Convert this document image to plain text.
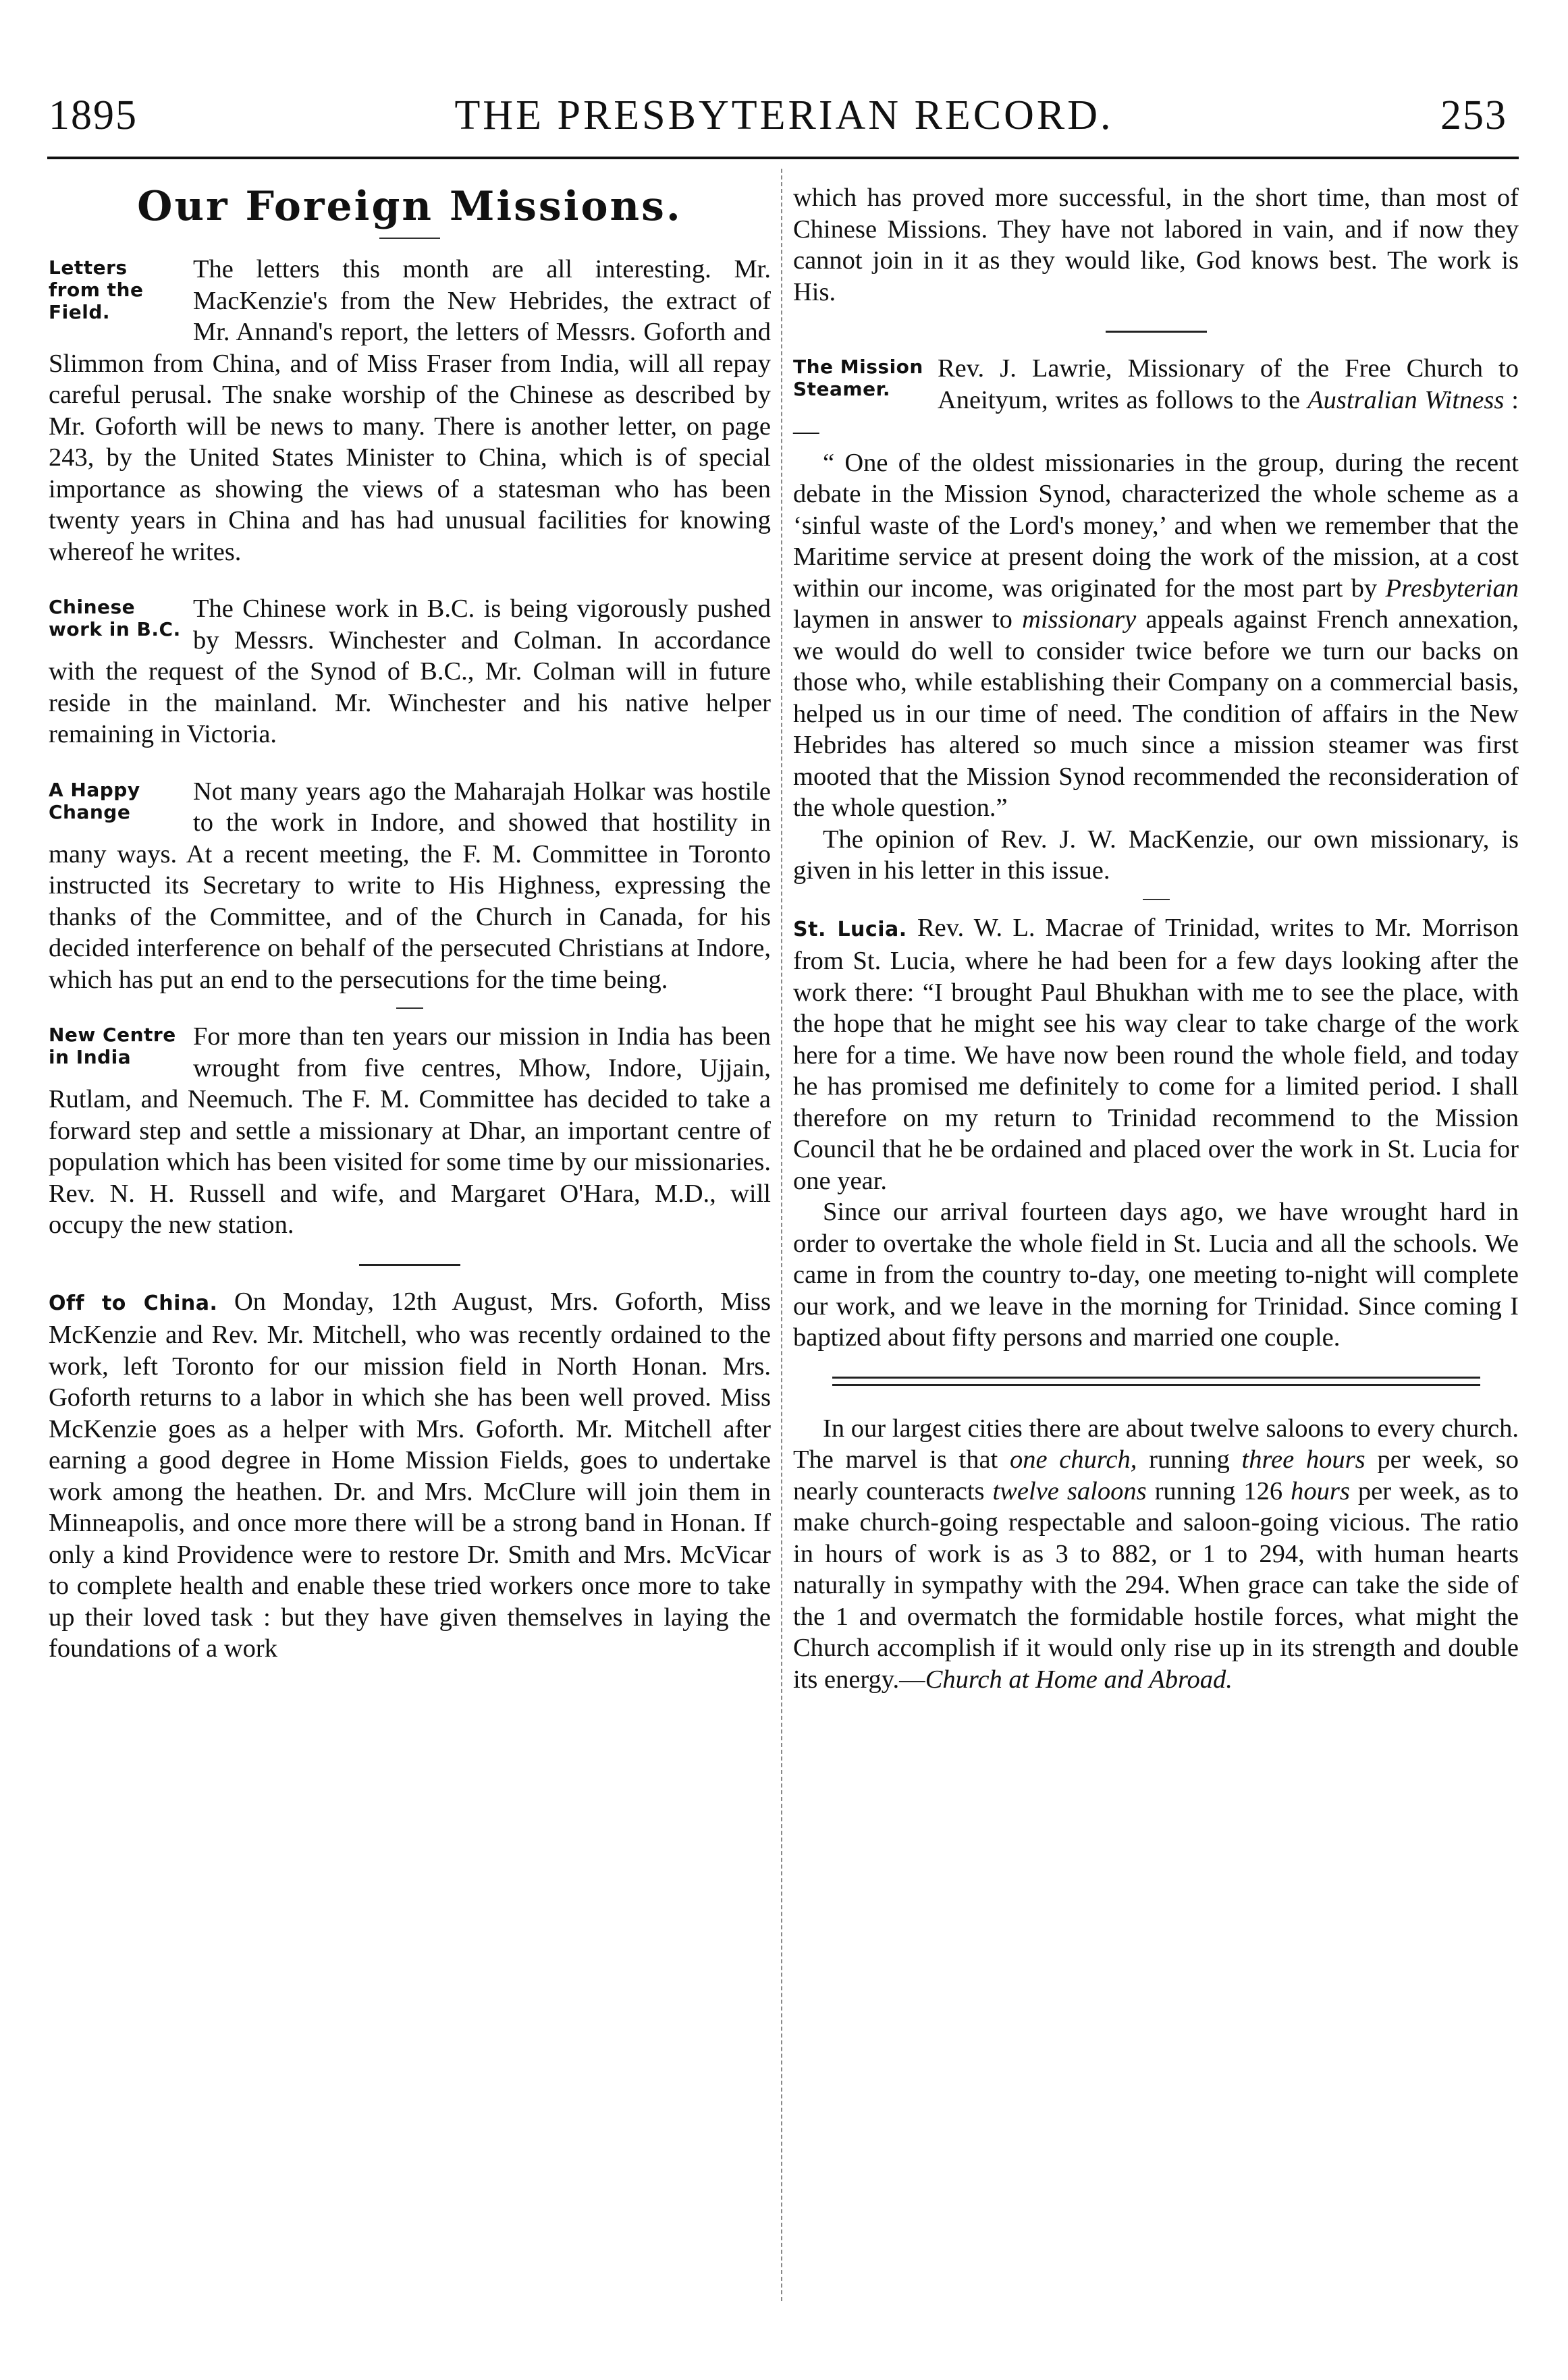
1895	THE PRESBYTERIAN RECORD.	253
Our Foreign Missions.
Letters from the Field.

The letters this month are all interesting. Mr. MacKenzie's from the New Hebrides, the extract of Mr. Annand's report, the letters of Messrs. Goforth and Slimmon from China, and of Miss Fraser from India, will all repay careful perusal. The snake worship of the Chinese as described by Mr. Goforth will be news to many. There is another letter, on page 243, by the United States Minister to China, which is of special importance as showing the views of a statesman who has been twenty years in China and has had unusual facilities for knowing whereof he writes.

Chinese work in B.C.

The Chinese work in B.C. is being vigorously pushed by Messrs. Winchester and Colman. In accordance with the request of the Synod of B.C., Mr. Colman will in future reside in the mainland. Mr. Winchester and his native helper remaining in Victoria.

A Happy Change

Not many years ago the Maharajah Holkar was hostile to the work in Indore, and showed that hostility in many ways. At a recent meeting, the F. M. Committee in Toronto instructed its Secretary to write to His Highness, expressing the thanks of the Committee, and of the Church in Canada, for his decided interference on behalf of the persecuted Christians at Indore, which has put an end to the persecutions for the time being.

New Centre in India

For more than ten years our mission in India has been wrought from five centres, Mhow, Indore, Ujjain, Rutlam, and Neemuch. The F. M. Committee has decided to take a forward step and settle a missionary at Dhar, an important centre of population which has been visited for some time by our missionaries. Rev. N. H. Russell and wife, and Margaret O'Hara, M.D., will occupy the new station.

Off to China. On Monday, 12th August, Mrs. Goforth, Miss McKenzie and Rev. Mr. Mitchell, who was recently ordained to the work, left Toronto for our mission field in North Honan. Mrs. Goforth returns to a labor in which she has been well proved. Miss McKenzie goes as a helper with Mrs. Goforth. Mr. Mitchell after earning a good degree in Home Mission Fields, goes to undertake work among the heathen. Dr. and Mrs. McClure will join them in Minneapolis, and once more there will be a strong band in Honan. If only a kind Providence were to restore Dr. Smith and Mrs. McVicar to complete health and enable these tried workers once more to take up their loved task : but they have given themselves in laying the foundations of a work

which has proved more successful, in the short time, than most of Chinese Missions. They have not labored in vain, and if now they cannot join in it as they would like, God knows best. The work is His.

The Mission Steamer.

Rev. J. Lawrie, Missionary of the Free Church to Aneityum, writes as follows to the Australian Witness :—

“ One of the oldest missionaries in the group, during the recent debate in the Mission Synod, characterized the whole scheme as a ‘sinful waste of the Lord's money,’ and when we remember that the Maritime service at present doing the work of the mission, at a cost within our income, was originated for the most part by Presbyterian laymen in answer to missionary appeals against French annexation, we would do well to consider twice before we turn our backs on those who, while establishing their Company on a commercial basis, helped us in our time of need. The condition of affairs in the New Hebrides has altered so much since a mission steamer was first mooted that the Mission Synod recommended the reconsideration of the whole question.”

The opinion of Rev. J. W. MacKenzie, our own missionary, is given in his letter in this issue.

St. Lucia. Rev. W. L. Macrae of Trinidad, writes to Mr. Morrison from St. Lucia, where he had been for a few days looking after the work there: “I brought Paul Bhukhan with me to see the place, with the hope that he might see his way clear to take charge of the work here for a time. We have now been round the whole field, and today he has promised me definitely to come for a limited period. I shall therefore on my return to Trinidad recommend to the Mission Council that he be ordained and placed over the work in St. Lucia for one year.

Since our arrival fourteen days ago, we have wrought hard in order to overtake the whole field in St. Lucia and all the schools. We came in from the country to-day, one meeting to-night will complete our work, and we leave in the morning for Trinidad. Since coming I baptized about fifty persons and married one couple.

In our largest cities there are about twelve saloons to every church. The marvel is that one church, running three hours per week, so nearly counteracts twelve saloons running 126 hours per week, as to make church-going respectable and saloon-going vicious. The ratio in hours of work is as 3 to 882, or 1 to 294, with human hearts naturally in sympathy with the 294. When grace can take the side of the 1 and overmatch the formidable hostile forces, what might the Church accomplish if it would only rise up in its strength and double its energy.—Church at Home and Abroad.
